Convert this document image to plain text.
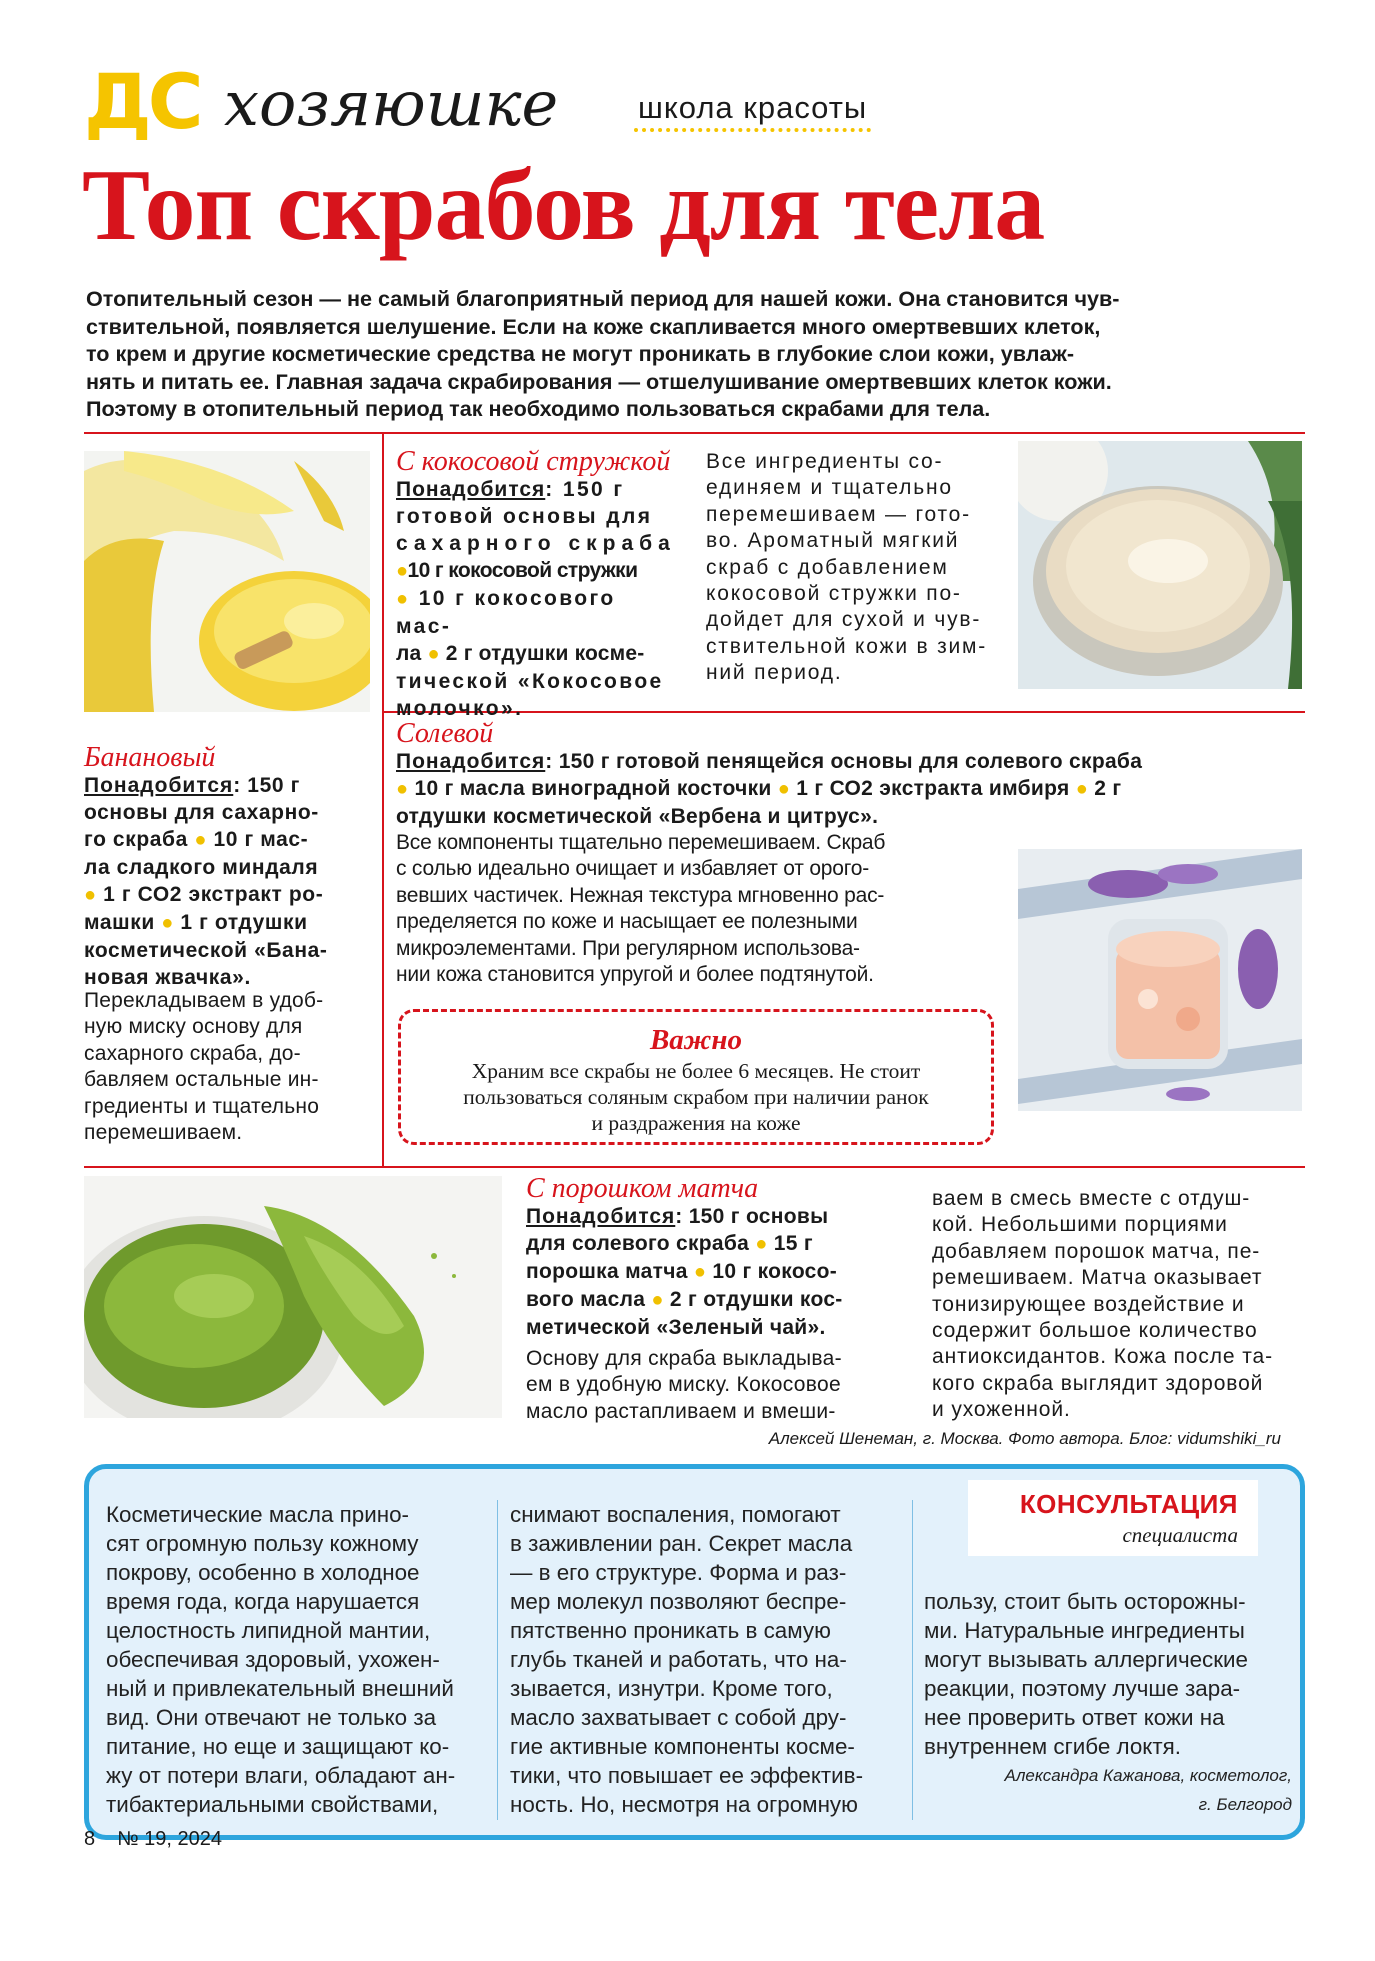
ДС хозяюшке	школа красоты
Топ скрабов для тела
Отопительный сезон — не самый благоприятный период для нашей кожи. Она становится чув-
ствительной, появляется шелушение. Если на коже скапливается много омертвевших клеток,
то крем и другие косметические средства не могут проникать в глубокие слои кожи, увлаж-
нять и питать ее. Главная задача скрабирования — отшелушивание омертвевших клеток кожи.
Поэтому в отопительный период так необходимо пользоваться скрабами для тела.
С кокосовой стружкой
Понадобится: 150 г
готовой основы для
сахарного скраба
●10 г кокосовой стружки
● 10 г кокосового мас-
ла ● 2 г отдушки космe-
тической «Кокосовое
молочко».
Все ингредиенты со-
единяем и тщательно
перемешиваем — гото-
во. Ароматный мягкий
скраб с добавлением
кокосовой стружки по-
дойдет для сухой и чув-
ствительной кожи в зим-
ний период.
Банановый
Понадобится: 150 г
основы для сахарно-
го скраба ● 10 г мас-
ла сладкого миндаля
● 1 г СО2 экстракт ро-
машки ● 1 г отдушки
косметической «Бана-
новая жвачка».
Перекладываем в удоб-
ную миску основу для
сахарного скраба, до-
бавляем остальные ин-
гредиенты и тщательно
перемешиваем.
Солевой
Понадобится: 150 г готовой пенящейся основы для солевого скраба
● 10 г масла виноградной косточки ● 1 г СО2 экстракта имбиря ● 2 г
отдушки косметической «Вербена и цитрус».
Все компоненты тщательно перемешиваем. Скраб
с солью идеально очищает и избавляет от орого-
вевших частичек. Нежная текстура мгновенно рас-
пределяется по коже и насыщает ее полезными
микроэлементами. При регулярном использова-
нии кожа становится упругой и более подтянутой.
Важно
Храним все скрабы не более 6 месяцев. Не стоит
пользоваться соляным скрабом при наличии ранок
и раздражения на коже
С порошком матча
Понадобится: 150 г основы
для солевого скраба ● 15 г
порошка матча ● 10 г кокосо-
вого масла ● 2 г отдушки кос-
метической «Зеленый чай».
Основу для скраба выкладыва-
ем в удобную миску. Кокосовое
масло растапливаем и вмеши-
ваем в смесь вместе с отдуш-
кой. Небольшими порциями
добавляем порошок матча, пе-
ремешиваем. Матча оказывает
тонизирующее воздействие и
содержит большое количество
антиоксидантов. Кожа после та-
кого скраба выглядит здоровой
и ухоженной.
Алексей Шенеман, г. Москва. Фото автора. Блог: vidumshiki_ru
КОНСУЛЬТАЦИЯ
специалиста
Косметические масла прино-
сят огромную пользу кожному
покрову, особенно в холодное
время года, когда нарушается
целостность липидной мантии,
обеспечивая здоровый, ухожен-
ный и привлекательный внешний
вид. Они отвечают не только за
питание, но еще и защищают ко-
жу от потери влаги, обладают ан-
тибактериальными свойствами,
снимают воспаления, помогают
в заживлении ран. Секрет масла
— в его структуре. Форма и раз-
мер молекул позволяют беспре-
пятственно проникать в самую
глубь тканей и работать, что на-
зывается, изнутри. Кроме того,
масло захватывает с собой дру-
гие активные компоненты косме-
тики, что повышает ее эффектив-
ность. Но, несмотря на огромную
пользу, стоит быть осторожны-
ми. Натуральные ингредиенты
могут вызывать аллергические
реакции, поэтому лучше зара-
нее проверить ответ кожи на
внутреннем сгибе локтя.
Александра Кажанова, косметолог,
г. Белгород
8 № 19, 2024
